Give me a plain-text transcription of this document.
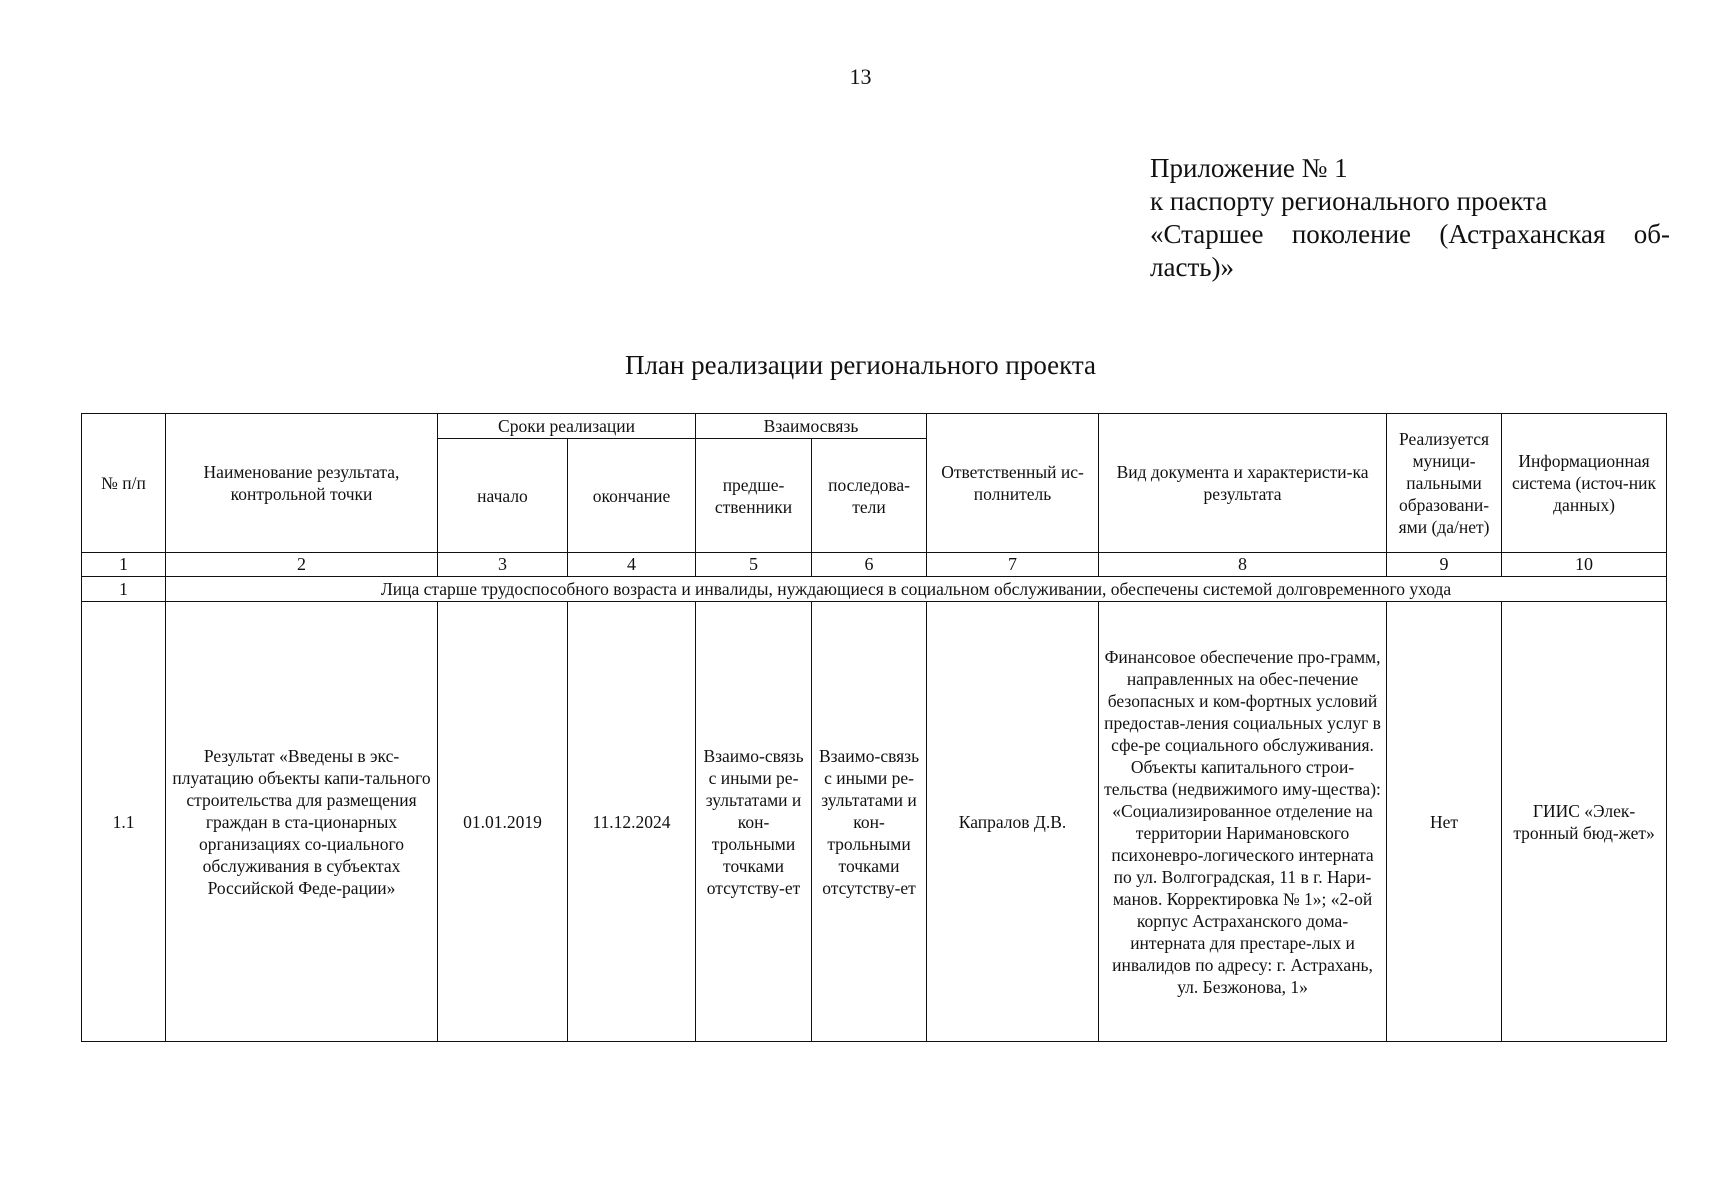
13
Приложение № 1
к паспорту регионального проекта
«Старшее поколение (Астраханская об-
ласть)»
План реализации регионального проекта
№ п/п	Наименование результата, контрольной точки	Сроки реализации		Взаимосвязь		Ответственный ис-полнитель	Вид документа и характеристи-ка результата	Реализуется муници-пальными образовани-ями (да/нет)	Информационная система (источ-ник данных)
		начало	окончание	предше-ственники	последова-тели				
1	2	3	4	5	6	7	8	9	10
1	Лица старше трудоспособного возраста и инвалиды, нуждающиеся в социальном обслуживании, обеспечены системой долговременного ухода								
1.1	Результат «Введены в экс-плуатацию объекты капи-тального строительства для размещения граждан в ста-ционарных организациях со-циального обслуживания в субъектах Российской Феде-рации»	01.01.2019	11.12.2024	Взаимо-связь с иными ре-зультатами и кон-трольными точками отсутству-ет	Взаимо-связь с иными ре-зультатами и кон-трольными точками отсутству-ет	Капралов Д.В.	Финансовое обеспечение про-грамм, направленных на обес-печение безопасных и ком-фортных условий предостав-ления социальных услуг в сфе-ре социального обслуживания. Объекты капитального строи-тельства (недвижимого иму-щества): «Социализированное отделение на территории Наримановского психоневро-логического интерната по ул. Волгоградская, 11 в г. Нари-манов. Корректировка № 1»; «2-ой корпус Астраханского дома-интерната для престаре-лых и инвалидов по адресу: г. Астрахань, ул. Безжонова, 1»	Нет	ГИИС «Элек-тронный бюд-жет»
